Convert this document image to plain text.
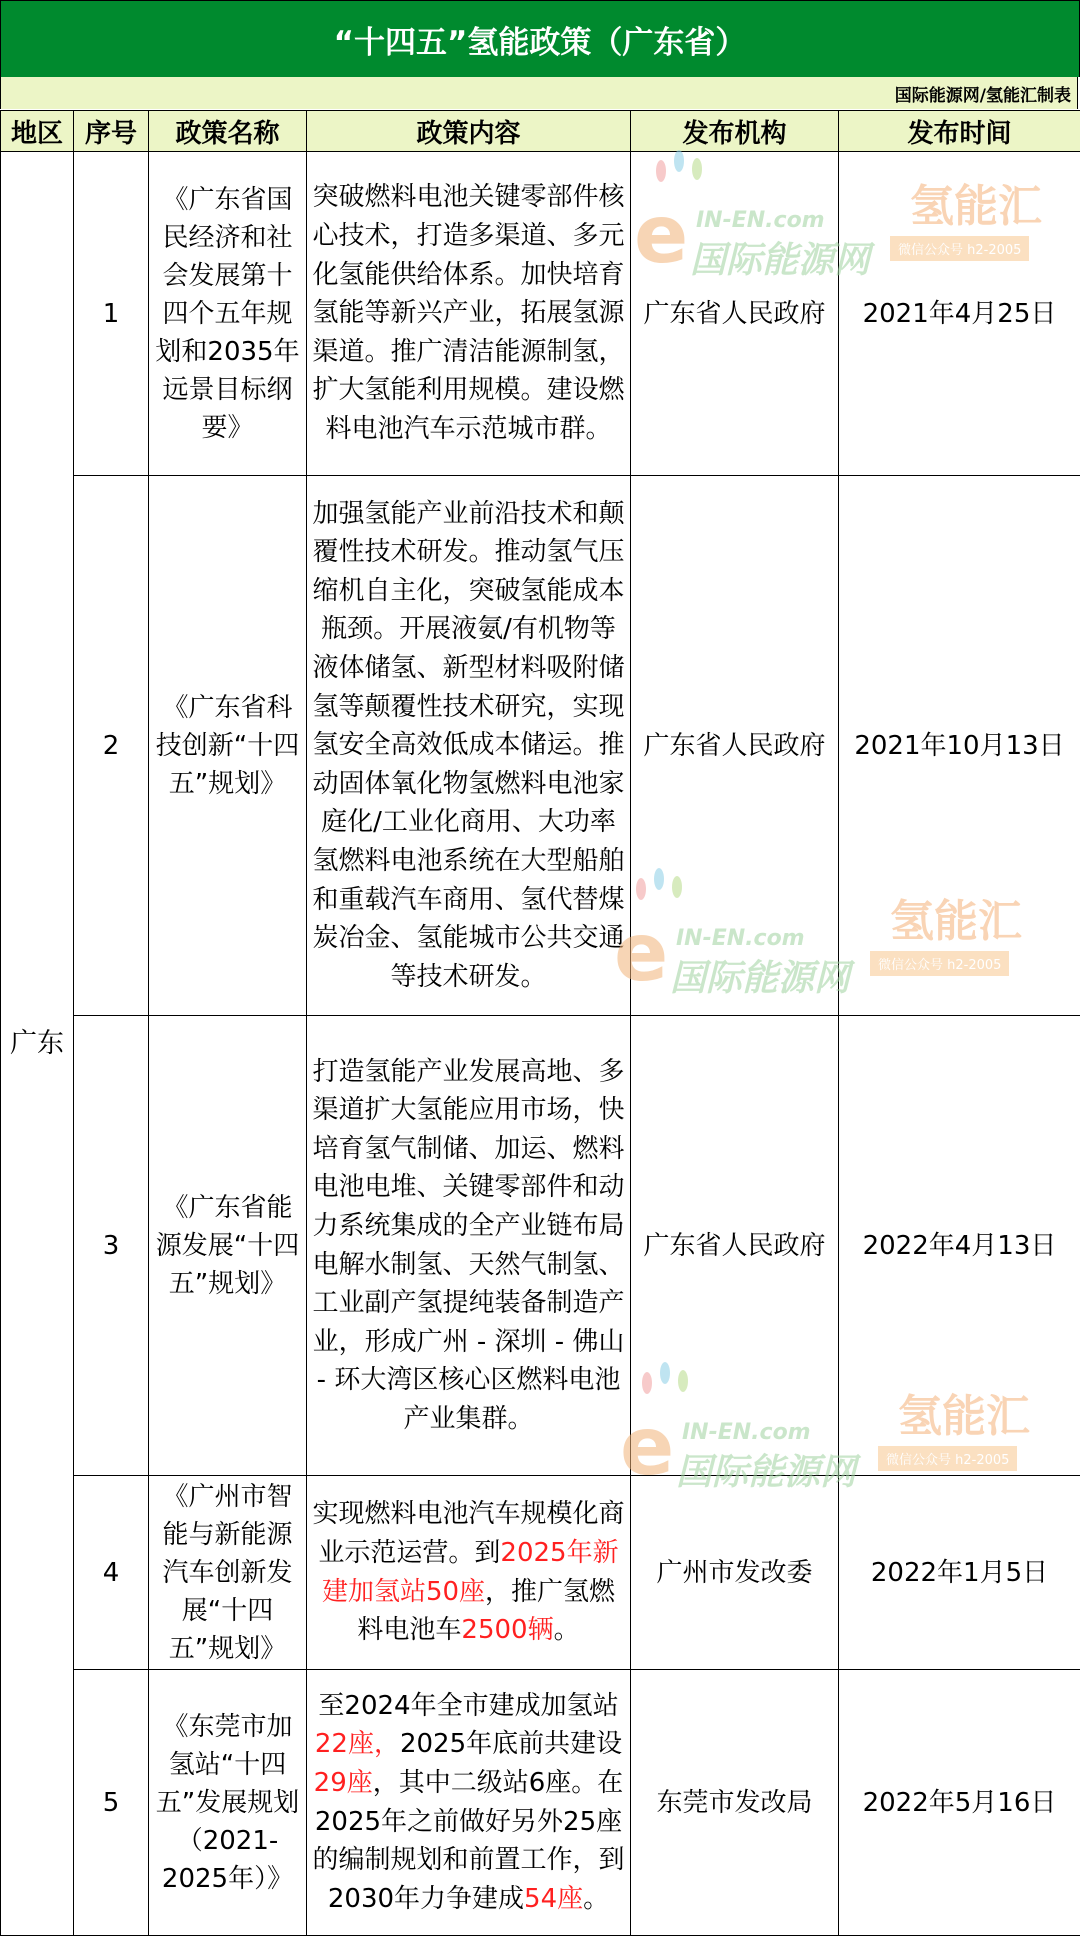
“十四五”氢能政策（广东省）
国际能源网/氢能汇制表
地区	序号	政策名称	政策内容	发布机构	发布时间
广东	1	《广东省国民经济和社会发展第十四个五年规划和2035年远景目标纲要》	突破燃料电池关键零部件核心技术，打造多渠道、多元化氢能供给体系。加快培育氢能等新兴产业，拓展氢源渠道。推广清洁能源制氢，扩大氢能利用规模。建设燃料电池汽车示范城市群。	广东省人民政府	2021年4月25日
	2	《广东省科技创新“十四五”规划》	加强氢能产业前沿技术和颠覆性技术研发。推动氢气压缩机自主化，突破氢能成本瓶颈。开展液氨/有机物等液体储氢、新型材料吸附储氢等颠覆性技术研究，实现氢安全高效低成本储运。推动固体氧化物氢燃料电池家庭化/工业化商用、大功率氢燃料电池系统在大型船舶和重载汽车商用、氢代替煤炭冶金、氢能城市公共交通等技术研发。	广东省人民政府	2021年10月13日
	3	《广东省能源发展“十四五”规划》	打造氢能产业发展高地、多渠道扩大氢能应用市场，快培育氢气制储、加运、燃料电池电堆、关键零部件和动力系统集成的全产业链布局电解水制氢、天然气制氢、工业副产氢提纯装备制造产业，形成广州 - 深圳 - 佛山 - 环大湾区核心区燃料电池产业集群。	广东省人民政府	2022年4月13日
	4	《广州市智能与新能源汽车创新发展“十四五”规划》	实现燃料电池汽车规模化商业示范运营。到2025年新建加氢站50座，推广氢燃料电池车2500辆。	广州市发改委	2022年1月5日
	5	《东莞市加氢站“十四五”发展规划（2021-2025年）》	至2024年全市建成加氢站22座，2025年底前共建设29座，其中二级站6座。在2025年之前做好另外25座的编制规划和前置工作，到2030年力争建成54座。	东莞市发改局	2022年5月16日
e IN-EN.com
国际能源网
氢能汇
微信公众号 h2-2005
e IN-EN.com
国际能源网
氢能汇
微信公众号 h2-2005
e IN-EN.com
国际能源网
氢能汇
微信公众号 h2-2005
